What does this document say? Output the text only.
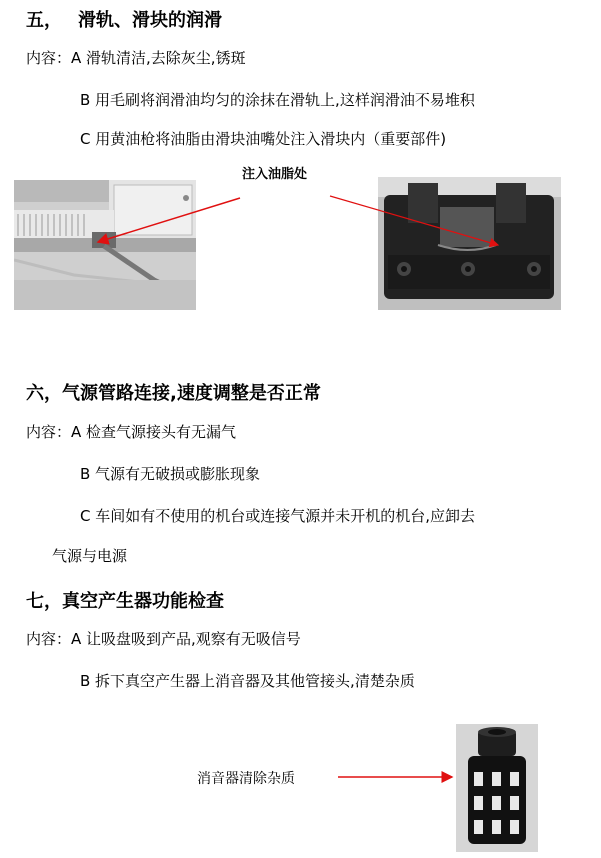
五， 滑轨、滑块的润滑
内容：A 滑轨清洁,去除灰尘,锈斑
B 用毛刷将润滑油均匀的涂抹在滑轨上,这样润滑油不易堆积
C 用黄油枪将油脂由滑块油嘴处注入滑块内（重要部件)
注入油脂处
六，气源管路连接,速度调整是否正常
内容：A 检查气源接头有无漏气
B 气源有无破损或膨胀现象
C 车间如有不使用的机台或连接气源并未开机的机台,应卸去
气源与电源
七，真空产生器功能检查
内容：A 让吸盘吸到产品,观察有无吸信号
B 拆下真空产生器上消音器及其他管接头,清楚杂质
消音器清除杂质
